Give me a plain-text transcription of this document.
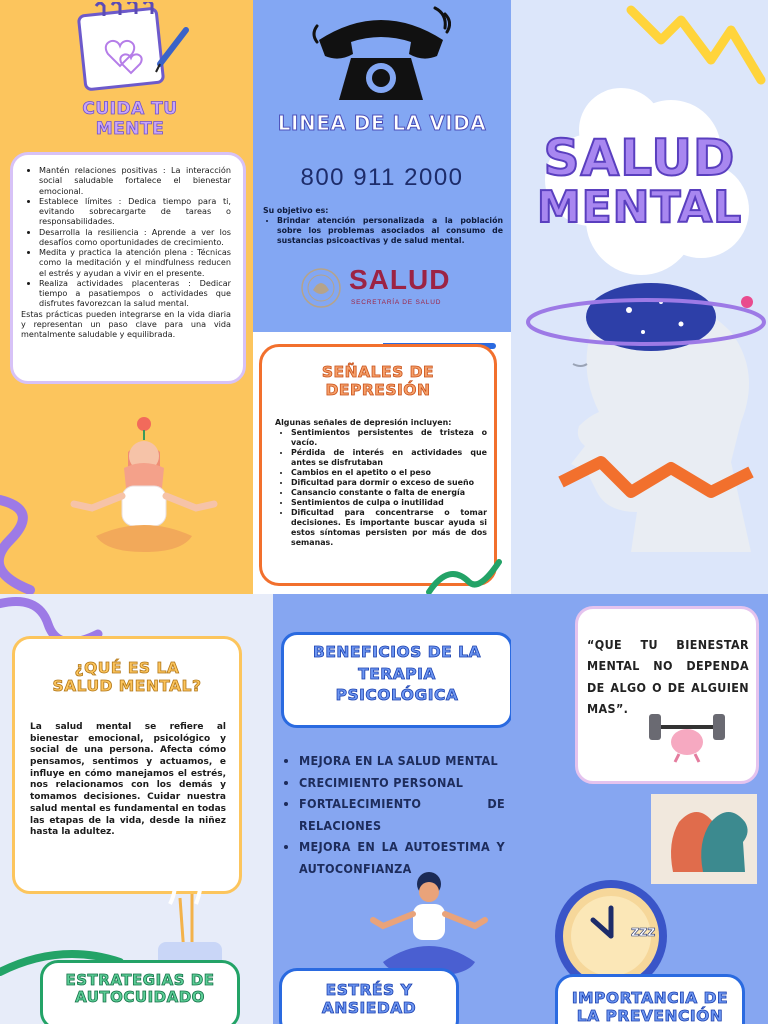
CUIDA TU
MENTE
• Mantén relaciones positivas : La interacción social saludable fortalece el bienestar emocional.
• Establece límites : Dedica tiempo para ti, evitando sobrecargarte de tareas o responsabilidades.
• Desarrolla la resiliencia : Aprende a ver los desafíos como oportunidades de crecimiento.
• Medita y practica la atención plena : Técnicas como la meditación y el mindfulness reducen el estrés y ayudan a vivir en el presente.
• Realiza actividades placenteras : Dedicar tiempo a pasatiempos o actividades que disfrutes favorezcan la salud mental.

Estas prácticas pueden integrarse en la vida diaria y representan un paso clave para una vida mentalmente saludable y equilibrada.

LINEA DE LA VIDA
800 911 2000
Su objetivo es:
• Brindar atención personalizada a la población sobre los problemas asociados al consumo de sustancias psicoactivas y de salud mental.
SALUD
SECRETARÍA DE SALUD
SEÑALES DE
DEPRESIÓN
Algunas señales de depresión incluyen:
• Sentimientos persistentes de tristeza o vacío.
• Pérdida de interés en actividades que antes se disfrutaban
• Cambios en el apetito o el peso
• Dificultad para dormir o exceso de sueño
• Cansancio constante o falta de energía
• Sentimientos de culpa o inutilidad
• Dificultad para concentrarse o tomar decisiones. Es importante buscar ayuda si estos síntomas persisten por más de dos semanas.
SALUD
MENTAL
¿QUÉ ES LA
SALUD MENTAL?
La salud mental se refiere al bienestar emocional, psicológico y social de una persona. Afecta cómo pensamos, sentimos y actuamos, e influye en cómo manejamos el estrés, nos relacionamos con los demás y tomamos decisiones. Cuidar nuestra salud mental es fundamental en todas las etapas de la vida, desde la niñez hasta la adultez.
ESTRATEGIAS DE
AUTOCUIDADO
BENEFICIOS DE LA
TERAPIA
PSICOLÓGICA
• MEJORA EN LA SALUD MENTAL
• CRECIMIENTO PERSONAL
• FORTALECIMIENTO DE RELACIONES
• MEJORA EN LA AUTOESTIMA Y AUTOCONFIANZA
ESTRÉS Y
ANSIEDAD
“QUE TU BIENESTAR MENTAL NO DEPENDA DE ALGO O DE ALGUIEN MAS”.
zzz
IMPORTANCIA DE
LA PREVENCIÓN
